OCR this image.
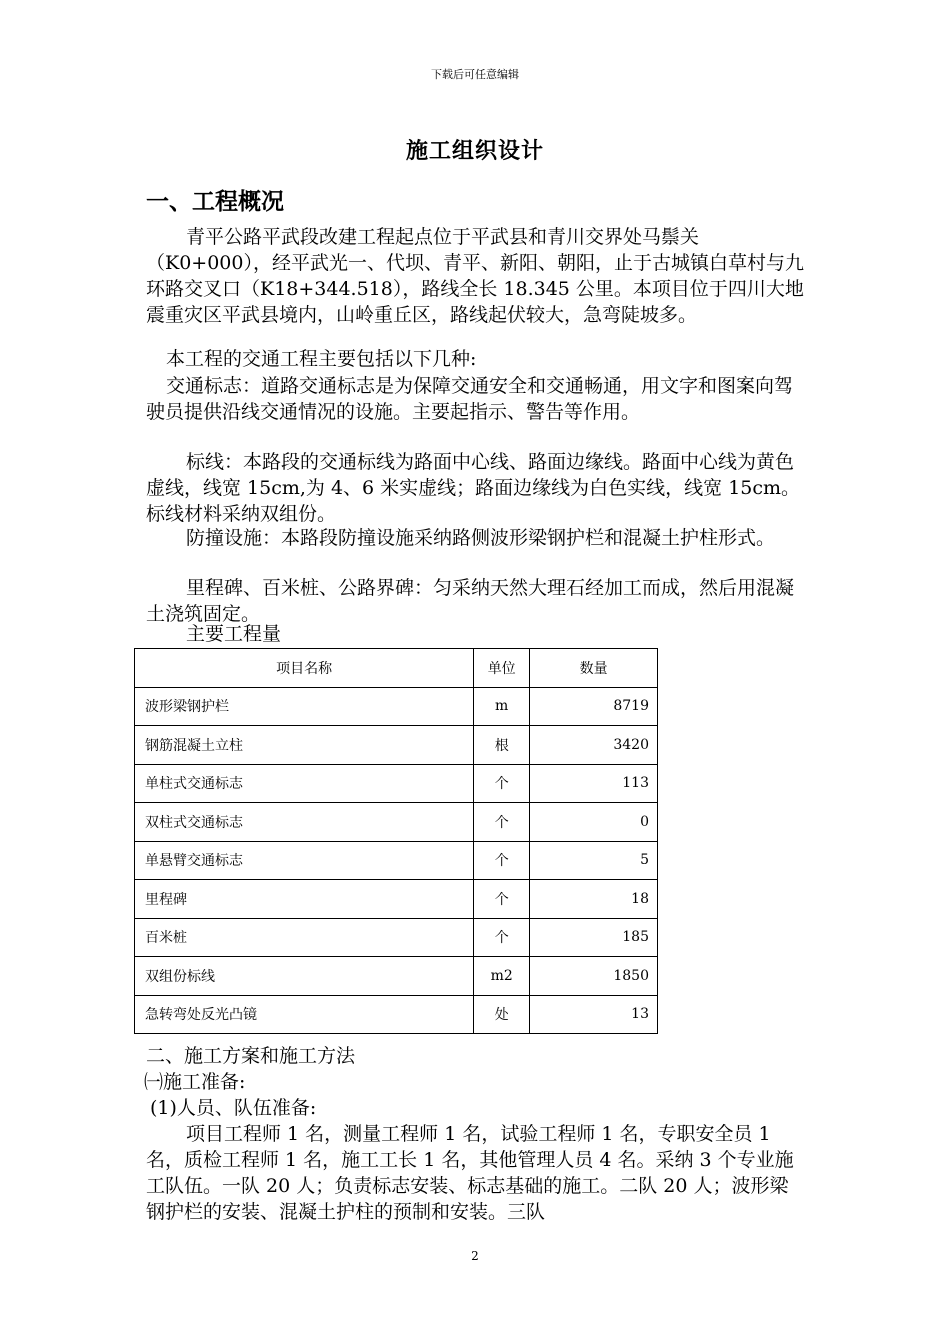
下载后可任意编辑
施工组织设计
一、工程概况
青平公路平武段改建工程起点位于平武县和青川交界处马鬃关（K0+000），经平武光一、代坝、青平、新阳、朝阳，止于古城镇白草村与九环路交叉口（K18+344.518），路线全长 18.345 公里。本项目位于四川大地震重灾区平武县境内，山岭重丘区，路线起伏较大，急弯陡坡多。
本工程的交通工程主要包括以下几种:
交通标志：道路交通标志是为保障交通安全和交通畅通，用文字和图案向驾驶员提供沿线交通情况的设施。主要起指示、警告等作用。
标线：本路段的交通标线为路面中心线、路面边缘线。路面中心线为黄色虚线，线宽 15cm,为 4、6 米实虚线；路面边缘线为白色实线，线宽 15cm。标线材料采纳双组份。
防撞设施：本路段防撞设施采纳路侧波形梁钢护栏和混凝土护柱形式。
里程碑、百米桩、公路界碑：匀采纳天然大理石经加工而成，然后用混凝土浇筑固定。
主要工程量
项目名称	单位	数量
波形梁钢护栏	m	8719
钢筋混凝土立柱	根	3420
单柱式交通标志	个	113
双柱式交通标志	个	0
单悬臂交通标志	个	5
里程碑	个	18
百米桩	个	185
双组份标线	m2	1850
急转弯处反光凸镜	处	13
二、施工方案和施工方法
㈠施工准备:
(1)人员、队伍准备:
项目工程师 1 名，测量工程师 1 名，试验工程师 1 名，专职安全员 1 名，质检工程师 1 名，施工工长 1 名，其他管理人员 4 名。采纳 3 个专业施工队伍。一队 20 人；负责标志安装、标志基础的施工。二队 20 人；波形梁钢护栏的安装、混凝土护柱的预制和安装。三队
2
